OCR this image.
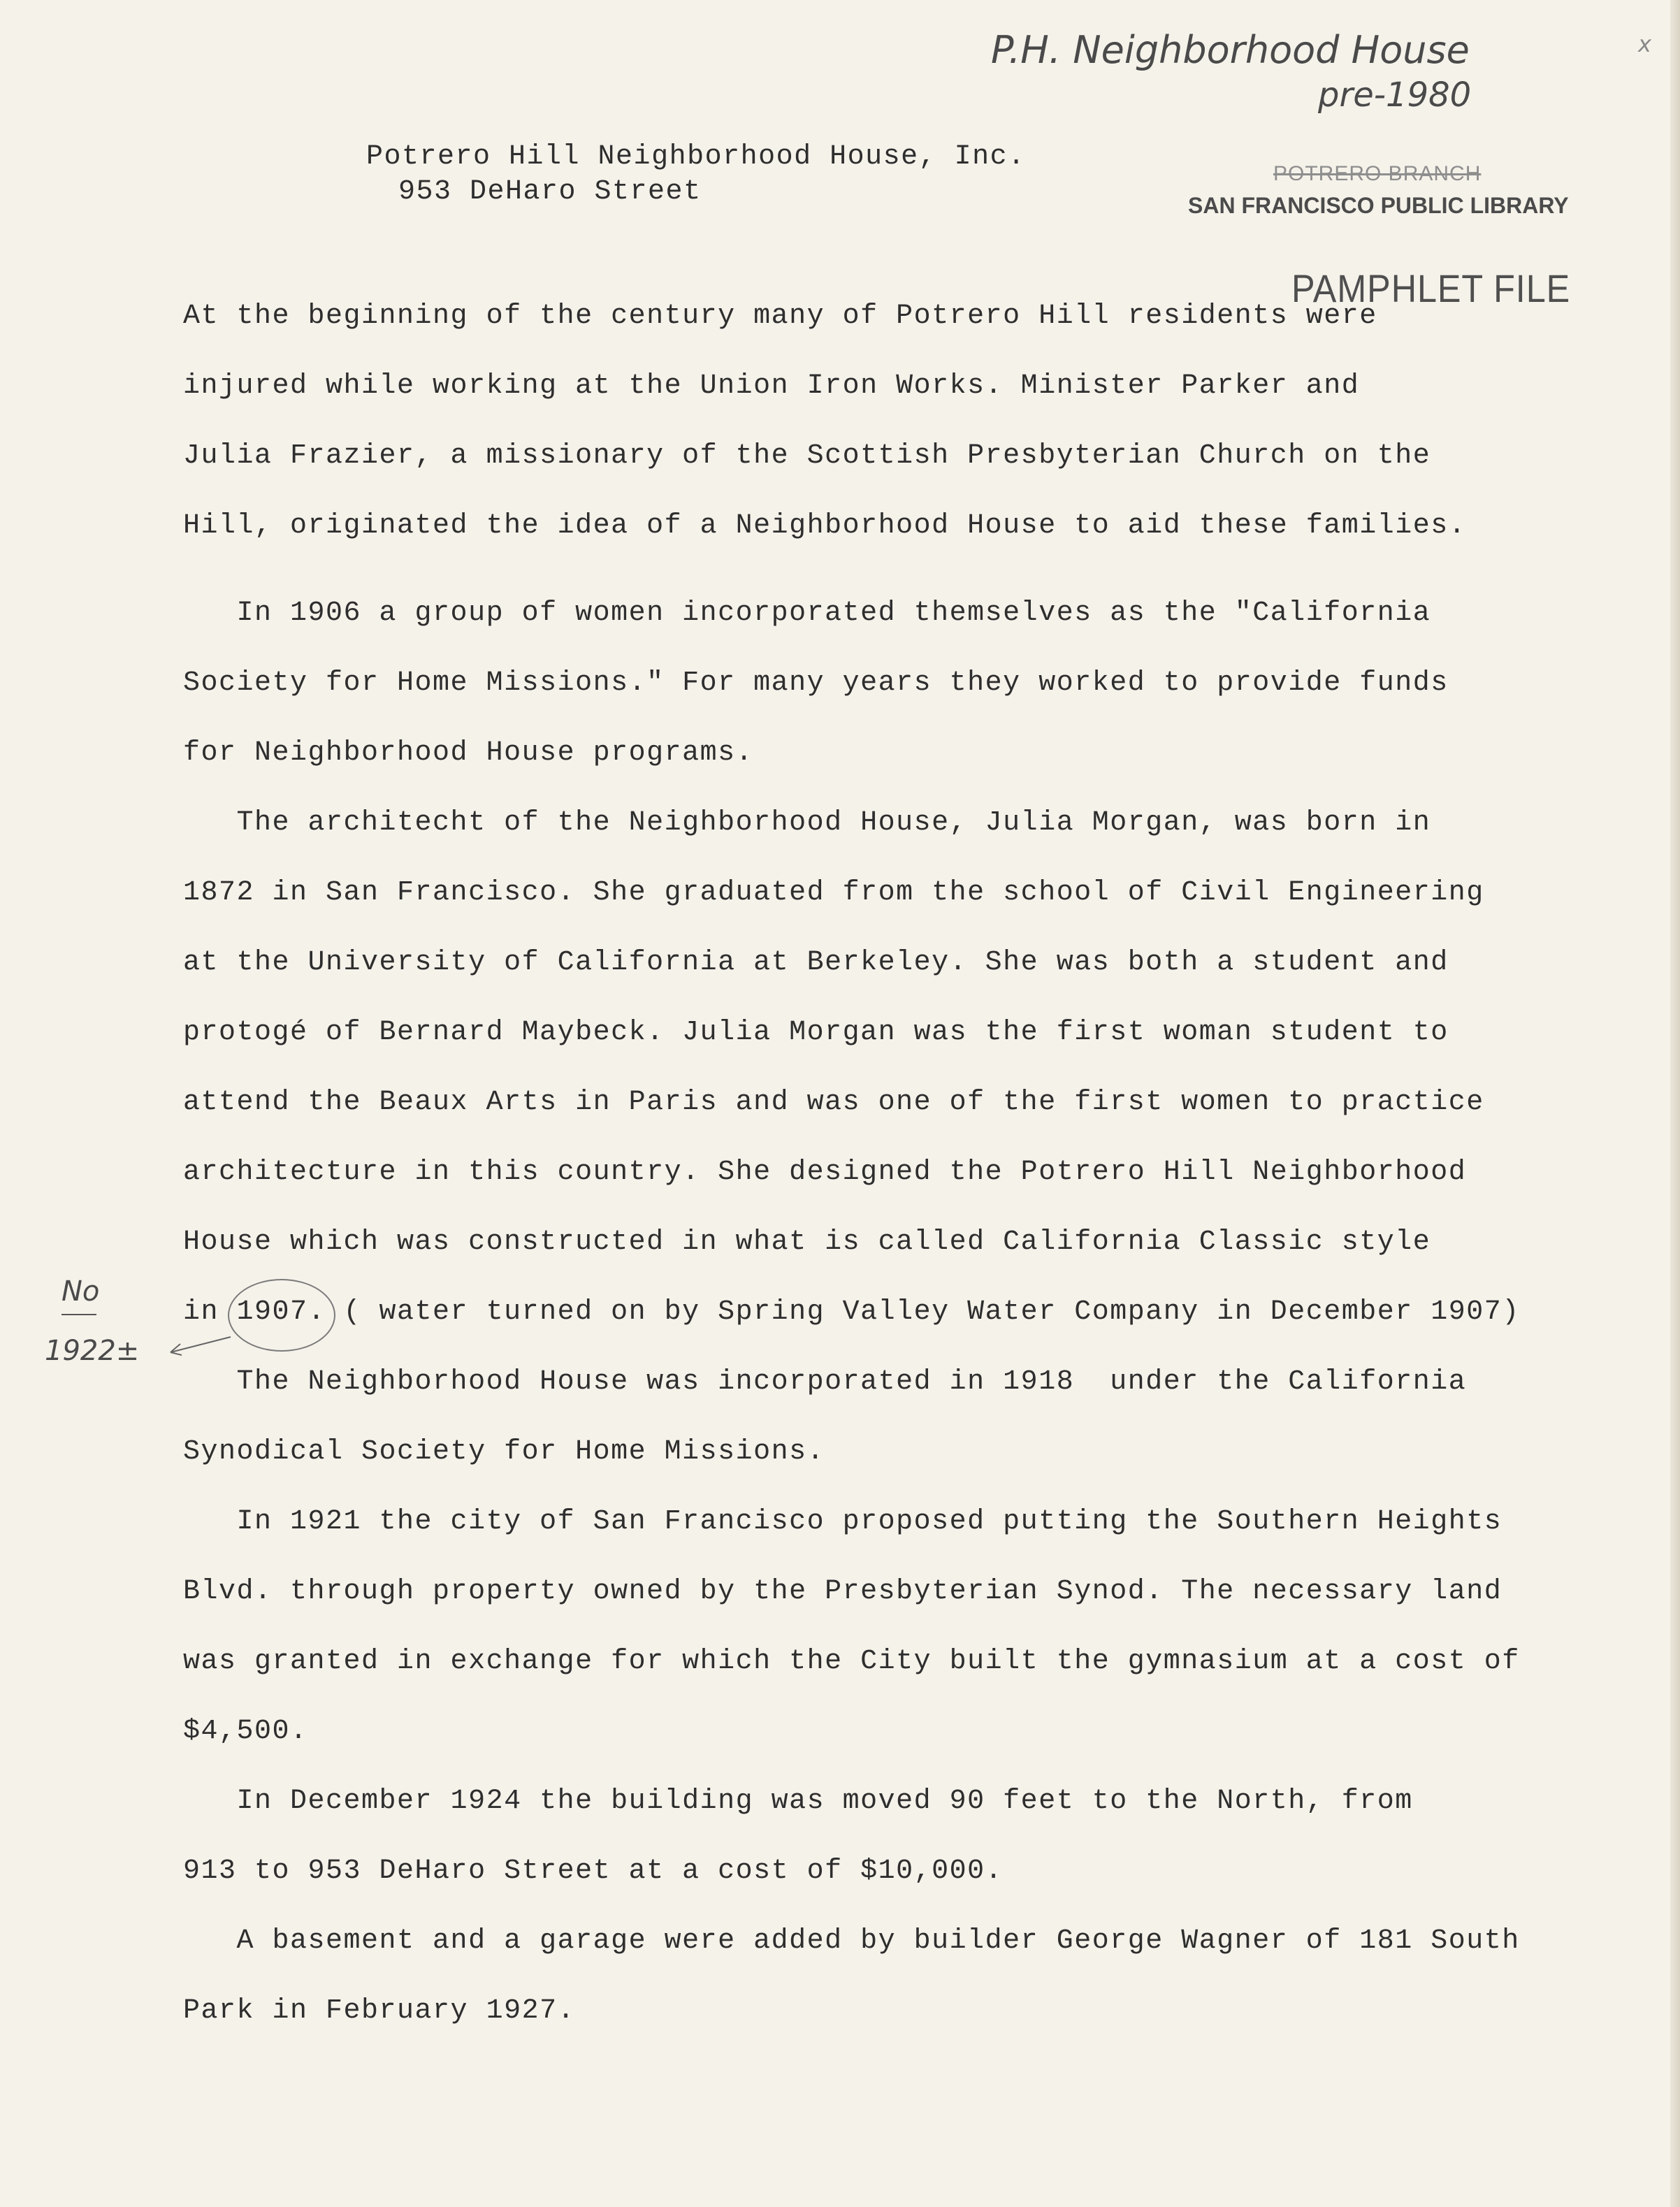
P.H. Neighborhood House
pre-1980
x
Potrero Hill Neighborhood House, Inc.
953 DeHaro Street
POTRERO BRANCH
SAN FRANCISCO PUBLIC LIBRARY
PAMPHLET FILE
At the beginning of the century many of Potrero Hill residents were
injured while working at the Union Iron Works. Minister Parker and
Julia Frazier, a missionary of the Scottish Presbyterian Church on the
Hill, originated the idea of a Neighborhood House to aid these families.
In 1906 a group of women incorporated themselves as the "California
Society for Home Missions." For many years they worked to provide funds
for Neighborhood House programs.
The architecht of the Neighborhood House, Julia Morgan, was born in
1872 in San Francisco. She graduated from the school of Civil Engineering
at the University of California at Berkeley. She was both a student and
protogé of Bernard Maybeck. Julia Morgan was the first woman student to
attend the Beaux Arts in Paris and was one of the first women to practice
architecture in this country. She designed the Potrero Hill Neighborhood
House which was constructed in what is called California Classic style
in 1907. ( water turned on by Spring Valley Water Company in December 1907)
The Neighborhood House was incorporated in 1918  under the California
Synodical Society for Home Missions.
In 1921 the city of San Francisco proposed putting the Southern Heights
Blvd. through property owned by the Presbyterian Synod. The necessary land
was granted in exchange for which the City built the gymnasium at a cost of
$4,500.
In December 1924 the building was moved 90 feet to the North, from
913 to 953 DeHaro Street at a cost of $10,000.
A basement and a garage were added by builder George Wagner of 181 South
Park in February 1927.
No
1922±
